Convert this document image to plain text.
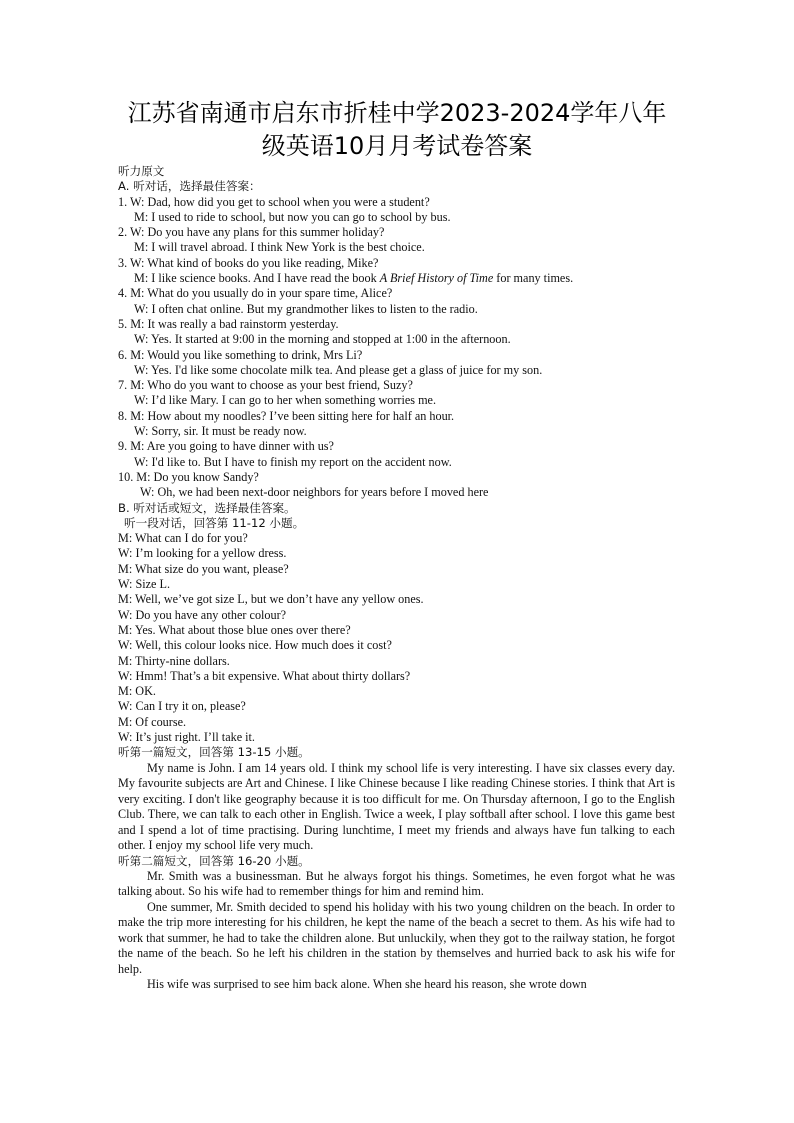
江苏省南通市启东市折桂中学2023-2024学年八年
级英语10月月考试卷答案
听力原文
A. 听对话，选择最佳答案：
1. W: Dad, how did you get to school when you were a student?
M: I used to ride to school, but now you can go to school by bus.
2. W: Do you have any plans for this summer holiday?
M: I will travel abroad. I think New York is the best choice.
3. W: What kind of books do you like reading, Mike?
M: I like science books. And I have read the book A Brief History of Time for many times.
4. M: What do you usually do in your spare time, Alice?
W: I often chat online. But my grandmother likes to listen to the radio.
5. M: It was really a bad rainstorm yesterday.
W: Yes. It started at 9:00 in the morning and stopped at 1:00 in the afternoon.
6. M: Would you like something to drink, Mrs Li?
W: Yes. I'd like some chocolate milk tea. And please get a glass of juice for my son.
7. M: Who do you want to choose as your best friend, Suzy?
W: I’d like Mary. I can go to her when something worries me.
8. M: How about my noodles? I’ve been sitting here for half an hour.
W: Sorry, sir. It must be ready now.
9. M: Are you going to have dinner with us?
W: I'd like to. But I have to finish my report on the accident now.
10. M: Do you know Sandy?
W: Oh, we had been next-door neighbors for years before I moved here
B. 听对话或短文，选择最佳答案。
听一段对话，回答第 11-12 小题。
M: What can I do for you?
W: I’m looking for a yellow dress.
M: What size do you want, please?
W: Size L.
M: Well, we’ve got size L, but we don’t have any yellow ones.
W: Do you have any other colour?
M: Yes. What about those blue ones over there?
W: Well, this colour looks nice. How much does it cost?
M: Thirty-nine dollars.
W: Hmm! That’s a bit expensive. What about thirty dollars?
M: OK.
W: Can I try it on, please?
M: Of course.
W: It’s just right. I’ll take it.
听第一篇短文，回答第 13-15 小题。

My name is John. I am 14 years old. I think my school life is very interesting. I have six classes every day. My favourite subjects are Art and Chinese. I like Chinese because I like reading Chinese stories. I think that Art is very exciting. I don't like geography because it is too difficult for me. On Thursday afternoon, I go to the English Club. There, we can talk to each other in English. Twice a week, I play softball after school. I love this game best and I spend a lot of time practising. During lunchtime, I meet my friends and always have fun talking to each other. I enjoy my school life very much.

听第二篇短文，回答第 16-20 小题。

Mr. Smith was a businessman. But he always forgot his things. Sometimes, he even forgot what he was talking about. So his wife had to remember things for him and remind him.

One summer, Mr. Smith decided to spend his holiday with his two young children on the beach. In order to make the trip more interesting for his children, he kept the name of the beach a secret to them. As his wife had to work that summer, he had to take the children alone. But unluckily, when they got to the railway station, he forgot the name of the beach. So he left his children in the station by themselves and hurried back to ask his wife for help.

His wife was surprised to see him back alone. When she heard his reason, she wrote down
